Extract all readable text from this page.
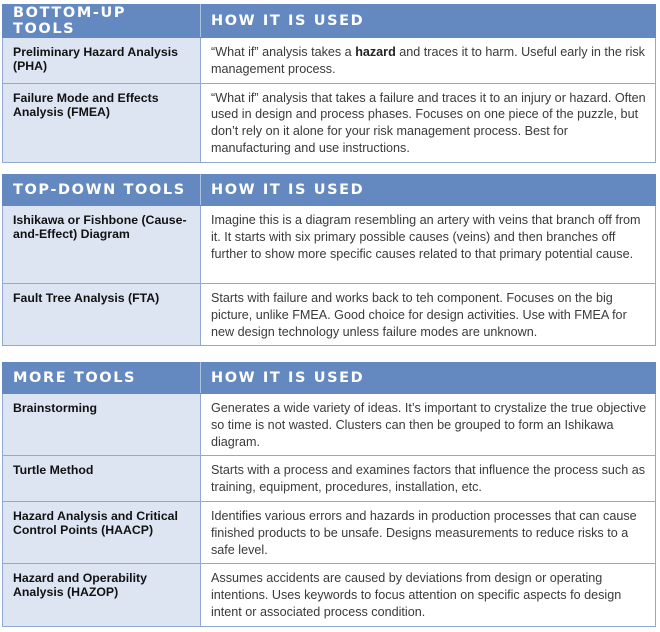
BOTTOM-UP TOOLS	HOW IT IS USED
Preliminary Hazard Analysis (PHA)	“What if” analysis takes a hazard and traces it to harm. Useful early in the risk management process.
Failure Mode and Effects Analysis (FMEA)	“What if” analysis that takes a failure and traces it to an injury or hazard. Often used in design and process phases. Focuses on one piece of the puzzle, but don’t rely on it alone for your risk management process. Best for manufacturing and use instructions.
TOP-DOWN TOOLS	HOW IT IS USED
Ishikawa or Fishbone (Cause-and-Effect) Diagram	Imagine this is a diagram resembling an artery with veins that branch off from it. It starts with six primary possible causes (veins) and then branches off further to show more specific causes related to that primary potential cause.
Fault Tree Analysis (FTA)	Starts with failure and works back to teh component. Focuses on the big picture, unlike FMEA. Good choice for design activities. Use with FMEA for new design technology unless failure modes are unknown.
MORE TOOLS	HOW IT IS USED
Brainstorming	Generates a wide variety of ideas. It’s important to crystalize the true objective so time is not wasted. Clusters can then be grouped to form an Ishikawa diagram.
Turtle Method	Starts with a process and examines factors that influence the process such as training, equipment, procedures, installation, etc.
Hazard Analysis and Critical Control Points (HAACP)	Identifies various errors and hazards in production processes that can cause finished products to be unsafe. Designs measurements to reduce risks to a safe level.
Hazard and Operability Analysis (HAZOP)	Assumes accidents are caused by deviations from design or operating intentions. Uses keywords to focus attention on specific aspects fo design intent or associated process condition.
